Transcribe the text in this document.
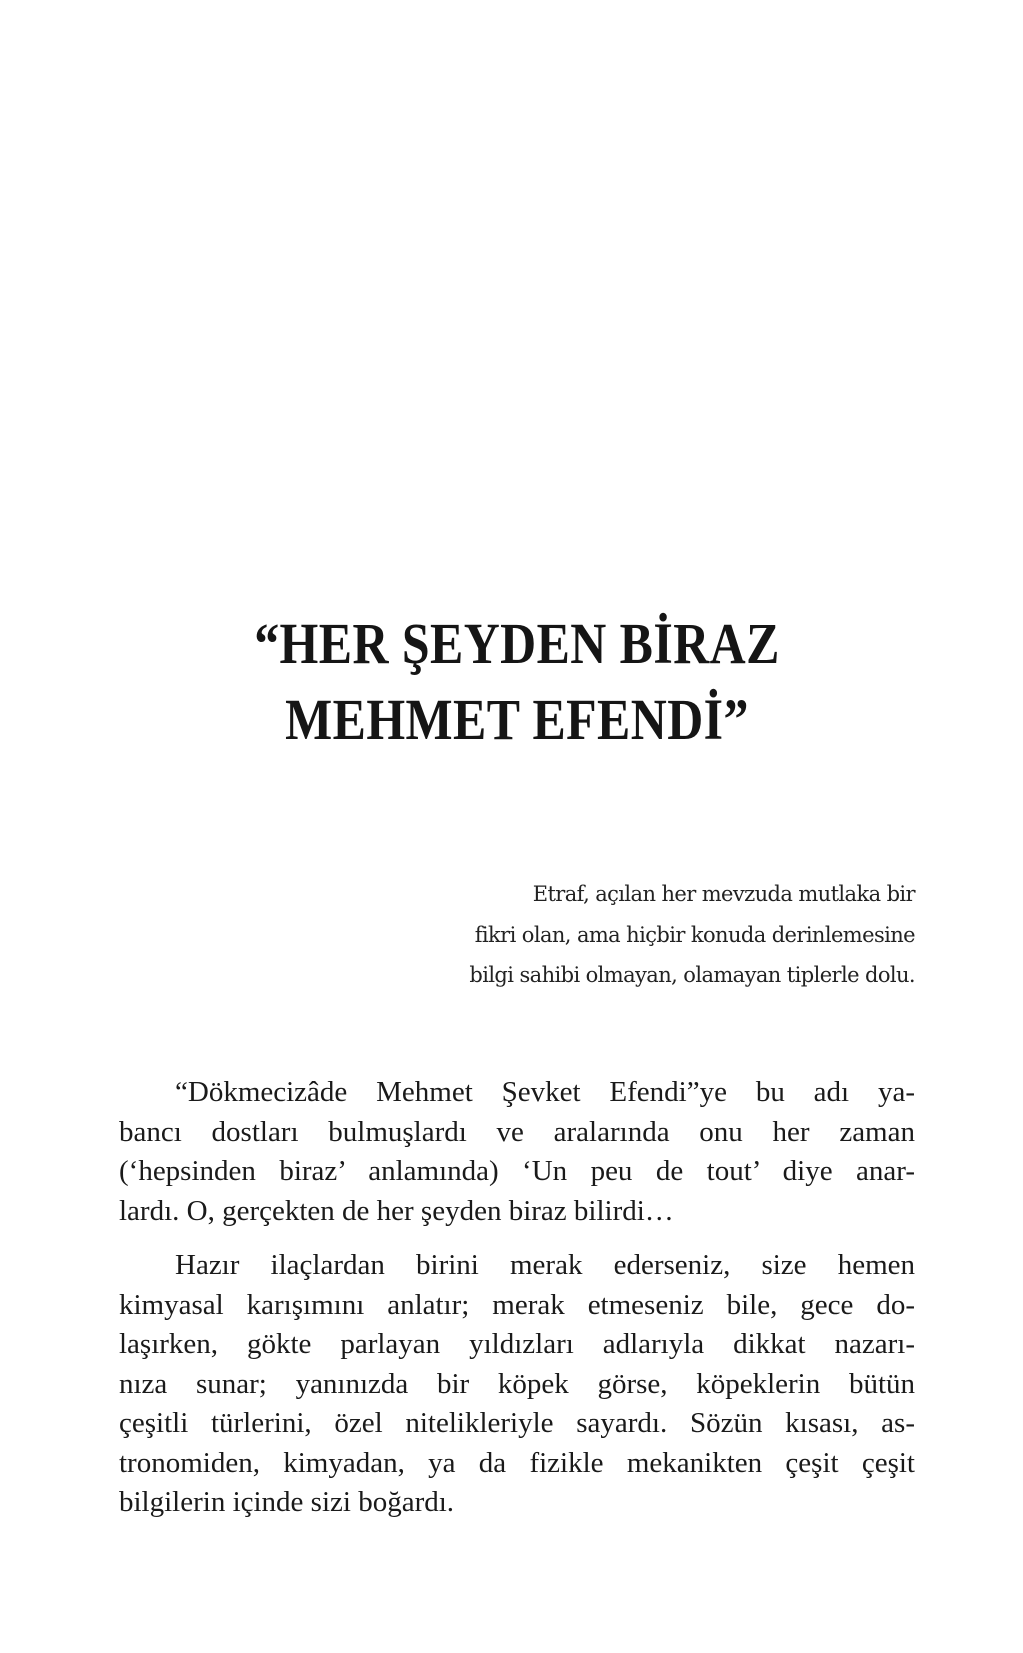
“HER ŞEYDEN BİRAZ
MEHMET EFENDİ”
Etraf, açılan her mevzuda mutlaka bir
fikri olan, ama hiçbir konuda derinlemesine
bilgi sahibi olmayan, olamayan tiplerle dolu.
“Dökmecizâde Mehmet Şevket Efendi”ye bu adı ya-
bancı dostları bulmuşlardı ve aralarında onu her zaman
(‘hepsinden biraz’ anlamında) ‘Un peu de tout’ diye anar-
lardı. O, gerçekten de her şeyden biraz bilirdi…
Hazır ilaçlardan birini merak ederseniz, size hemen
kimyasal karışımını anlatır; merak etmeseniz bile, gece do-
laşırken, gökte parlayan yıldızları adlarıyla dikkat nazarı-
nıza sunar; yanınızda bir köpek görse, köpeklerin bütün
çeşitli türlerini, özel nitelikleriyle sayardı. Sözün kısası, as-
tronomiden, kimyadan, ya da fizikle mekanikten çeşit çeşit
bilgilerin içinde sizi boğardı.
